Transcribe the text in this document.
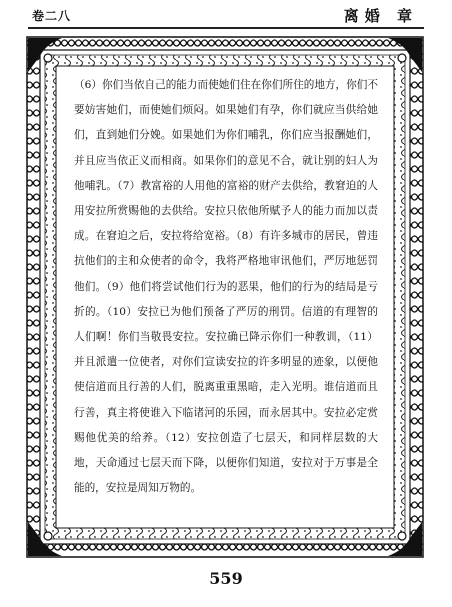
卷二八	离婚 章

（6）你们当依自己的能力而使她们住在你们所住的地方，你们不要妨害她们，而使她们烦闷。如果她们有孕，你们就应当供给她们，直到她们分娩。如果她们为你们哺乳，你们应当报酬她们，并且应当依正义而相商。如果你们的意见不合，就让别的妇人为他哺乳。（7）教富裕的人用他的富裕的财产去供给，教窘迫的人用安拉所赏赐他的去供给。安拉只依他所赋予人的能力而加以责成。在窘迫之后，安拉将给宽裕。（8）有许多城市的居民，曾违抗他们的主和众使者的命令，我将严格地审讯他们，严厉地惩罚他们。（9）他们将尝试他们行为的恶果，他们的行为的结局是亏折的。（10）安拉已为他们预备了严厉的刑罚。信道的有理智的人们啊！你们当敬畏安拉。安拉确已降示你们一种教训，（11）并且派遣一位使者，对你们宣读安拉的许多明显的迹象，以便他使信道而且行善的人们，脱离重重黑暗，走入光明。谁信道而且行善，真主将使谁入下临诸河的乐园，而永居其中。安拉必定赏赐他优美的给养。（12）安拉创造了七层天，和同样层数的大地，天命通过七层天而下降，以便你们知道，安拉对于万事是全能的，安拉是周知万物的。

559
